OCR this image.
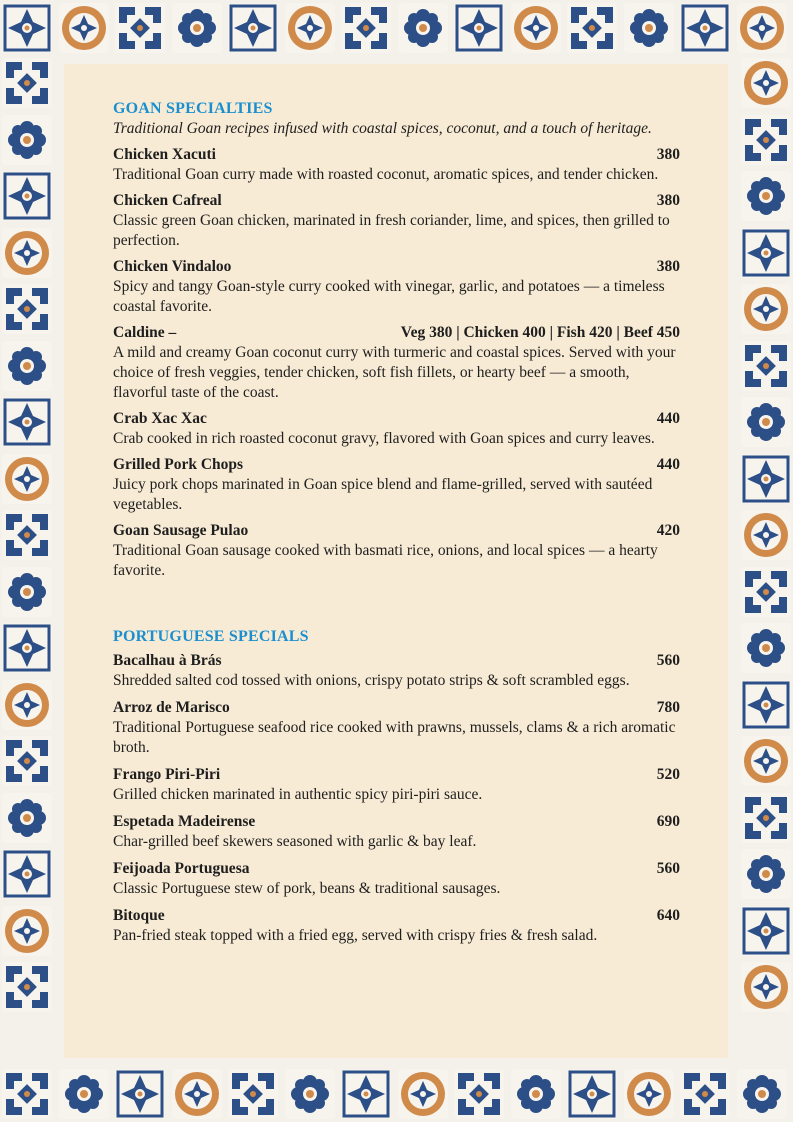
GOAN SPECIALTIES
Traditional Goan recipes infused with coastal spices, coconut, and a touch of heritage.
Chicken Xacuti	380
Traditional Goan curry made with roasted coconut, aromatic spices, and tender chicken.
Chicken Cafreal	380
Classic green Goan chicken, marinated in fresh coriander, lime, and spices, then grilled to perfection.
Chicken Vindaloo	380
Spicy and tangy Goan-style curry cooked with vinegar, garlic, and potatoes — a timeless coastal favorite.
Caldine –	Veg 380 | Chicken 400 | Fish 420 | Beef 450
A mild and creamy Goan coconut curry with turmeric and coastal spices. Served with your choice of fresh veggies, tender chicken, soft fish fillets, or hearty beef — a smooth, flavorful taste of the coast.
Crab Xac Xac	440
Crab cooked in rich roasted coconut gravy, flavored with Goan spices and curry leaves.
Grilled Pork Chops	440
Juicy pork chops marinated in Goan spice blend and flame-grilled, served with sautéed vegetables.
Goan Sausage Pulao	420
Traditional Goan sausage cooked with basmati rice, onions, and local spices — a hearty favorite.
PORTUGUESE SPECIALS
Bacalhau à Brás	560
Shredded salted cod tossed with onions, crispy potato strips & soft scrambled eggs.
Arroz de Marisco	780
Traditional Portuguese seafood rice cooked with prawns, mussels, clams & a rich aromatic broth.
Frango Piri-Piri	520
Grilled chicken marinated in authentic spicy piri-piri sauce.
Espetada Madeirense	690
Char-grilled beef skewers seasoned with garlic & bay leaf.
Feijoada Portuguesa	560
Classic Portuguese stew of pork, beans & traditional sausages.
Bitoque	640
Pan-fried steak topped with a fried egg, served with crispy fries & fresh salad.
